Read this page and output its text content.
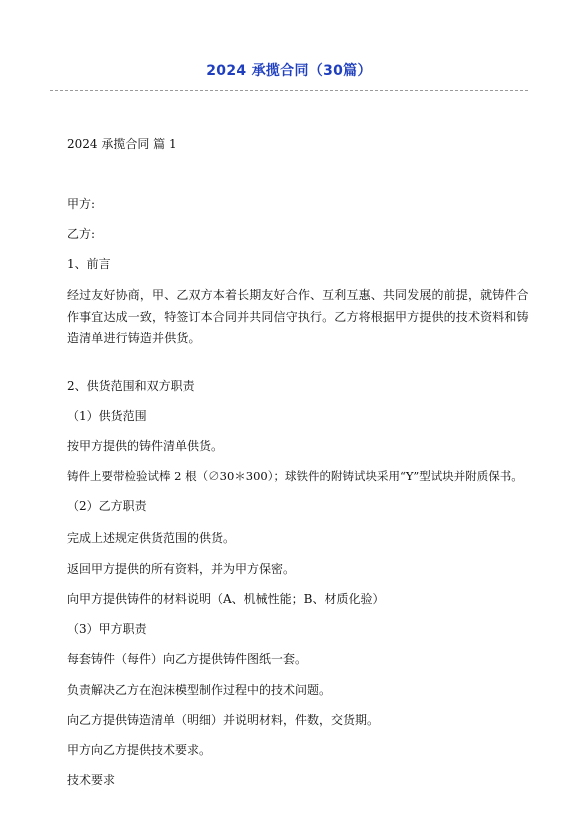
2024 承揽合同（30篇）

2024 承揽合同 篇 1

甲方:

乙方:

1、前言

经过友好协商，甲、乙双方本着长期友好合作、互利互惠、共同发展的前提，就铸件合作事宜达成一致，特签订本合同并共同信守执行。乙方将根据甲方提供的技术资料和铸造清单进行铸造并供货。

2、供货范围和双方职责

（1）供货范围

按甲方提供的铸件清单供货。

铸件上要带检验试棒 2 根（∅30＊300）；球铁件的附铸试块采用“Y”型试块并附质保书。

（2）乙方职责

完成上述规定供货范围的供货。

返回甲方提供的所有资料，并为甲方保密。

向甲方提供铸件的材料说明（A、机械性能；B、材质化验）

（3）甲方职责

每套铸件（每件）向乙方提供铸件图纸一套。

负责解决乙方在泡沫模型制作过程中的技术问题。

向乙方提供铸造清单（明细）并说明材料，件数，交货期。

甲方向乙方提供技术要求。

技术要求
